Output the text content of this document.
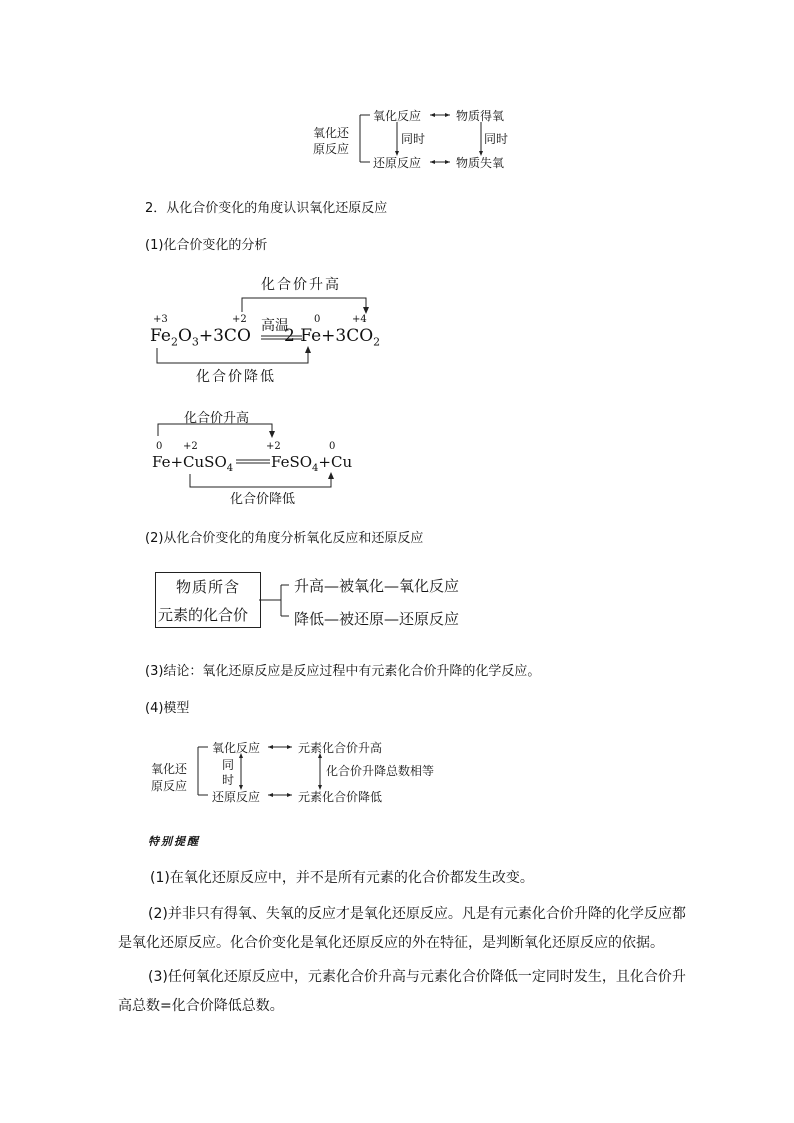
氧化还
原反应
氧化反应	物质得氧
同时	同时
还原反应	物质失氧
2．从化合价变化的角度认识氧化还原反应
(1)化合价变化的分析
化合价升高
化合价降低
高温
+3	+2	0	+4
$Fe_2O_3+3CO$ 2 $Fe+3CO_2$
化合价升高
化合价降低
0 +2	+2	0
Fe+CuSO$_4$	FeSO$_4$+Cu
(2)从化合价变化的角度分析氧化反应和还原反应
物质所含
元素的化合价
升高—被氧化—氧化反应
降低—被还原—还原反应
(3)结论：氧化还原反应是反应过程中有元素化合价升降的化学反应。
(4)模型
氧化还
原反应
氧化反应	元素化合价升高
同
时
化合价升降总数相等
还原反应	元素化合价降低
特别提醒
(1)在氧化还原反应中，并不是所有元素的化合价都发生改变。
(2)并非只有得氧、失氧的反应才是氧化还原反应。凡是有元素化合价升降的化学反应都是氧化还原反应。化合价变化是氧化还原反应的外在特征，是判断氧化还原反应的依据。
(3)任何氧化还原反应中，元素化合价升高与元素化合价降低一定同时发生，且化合价升高总数=化合价降低总数。
